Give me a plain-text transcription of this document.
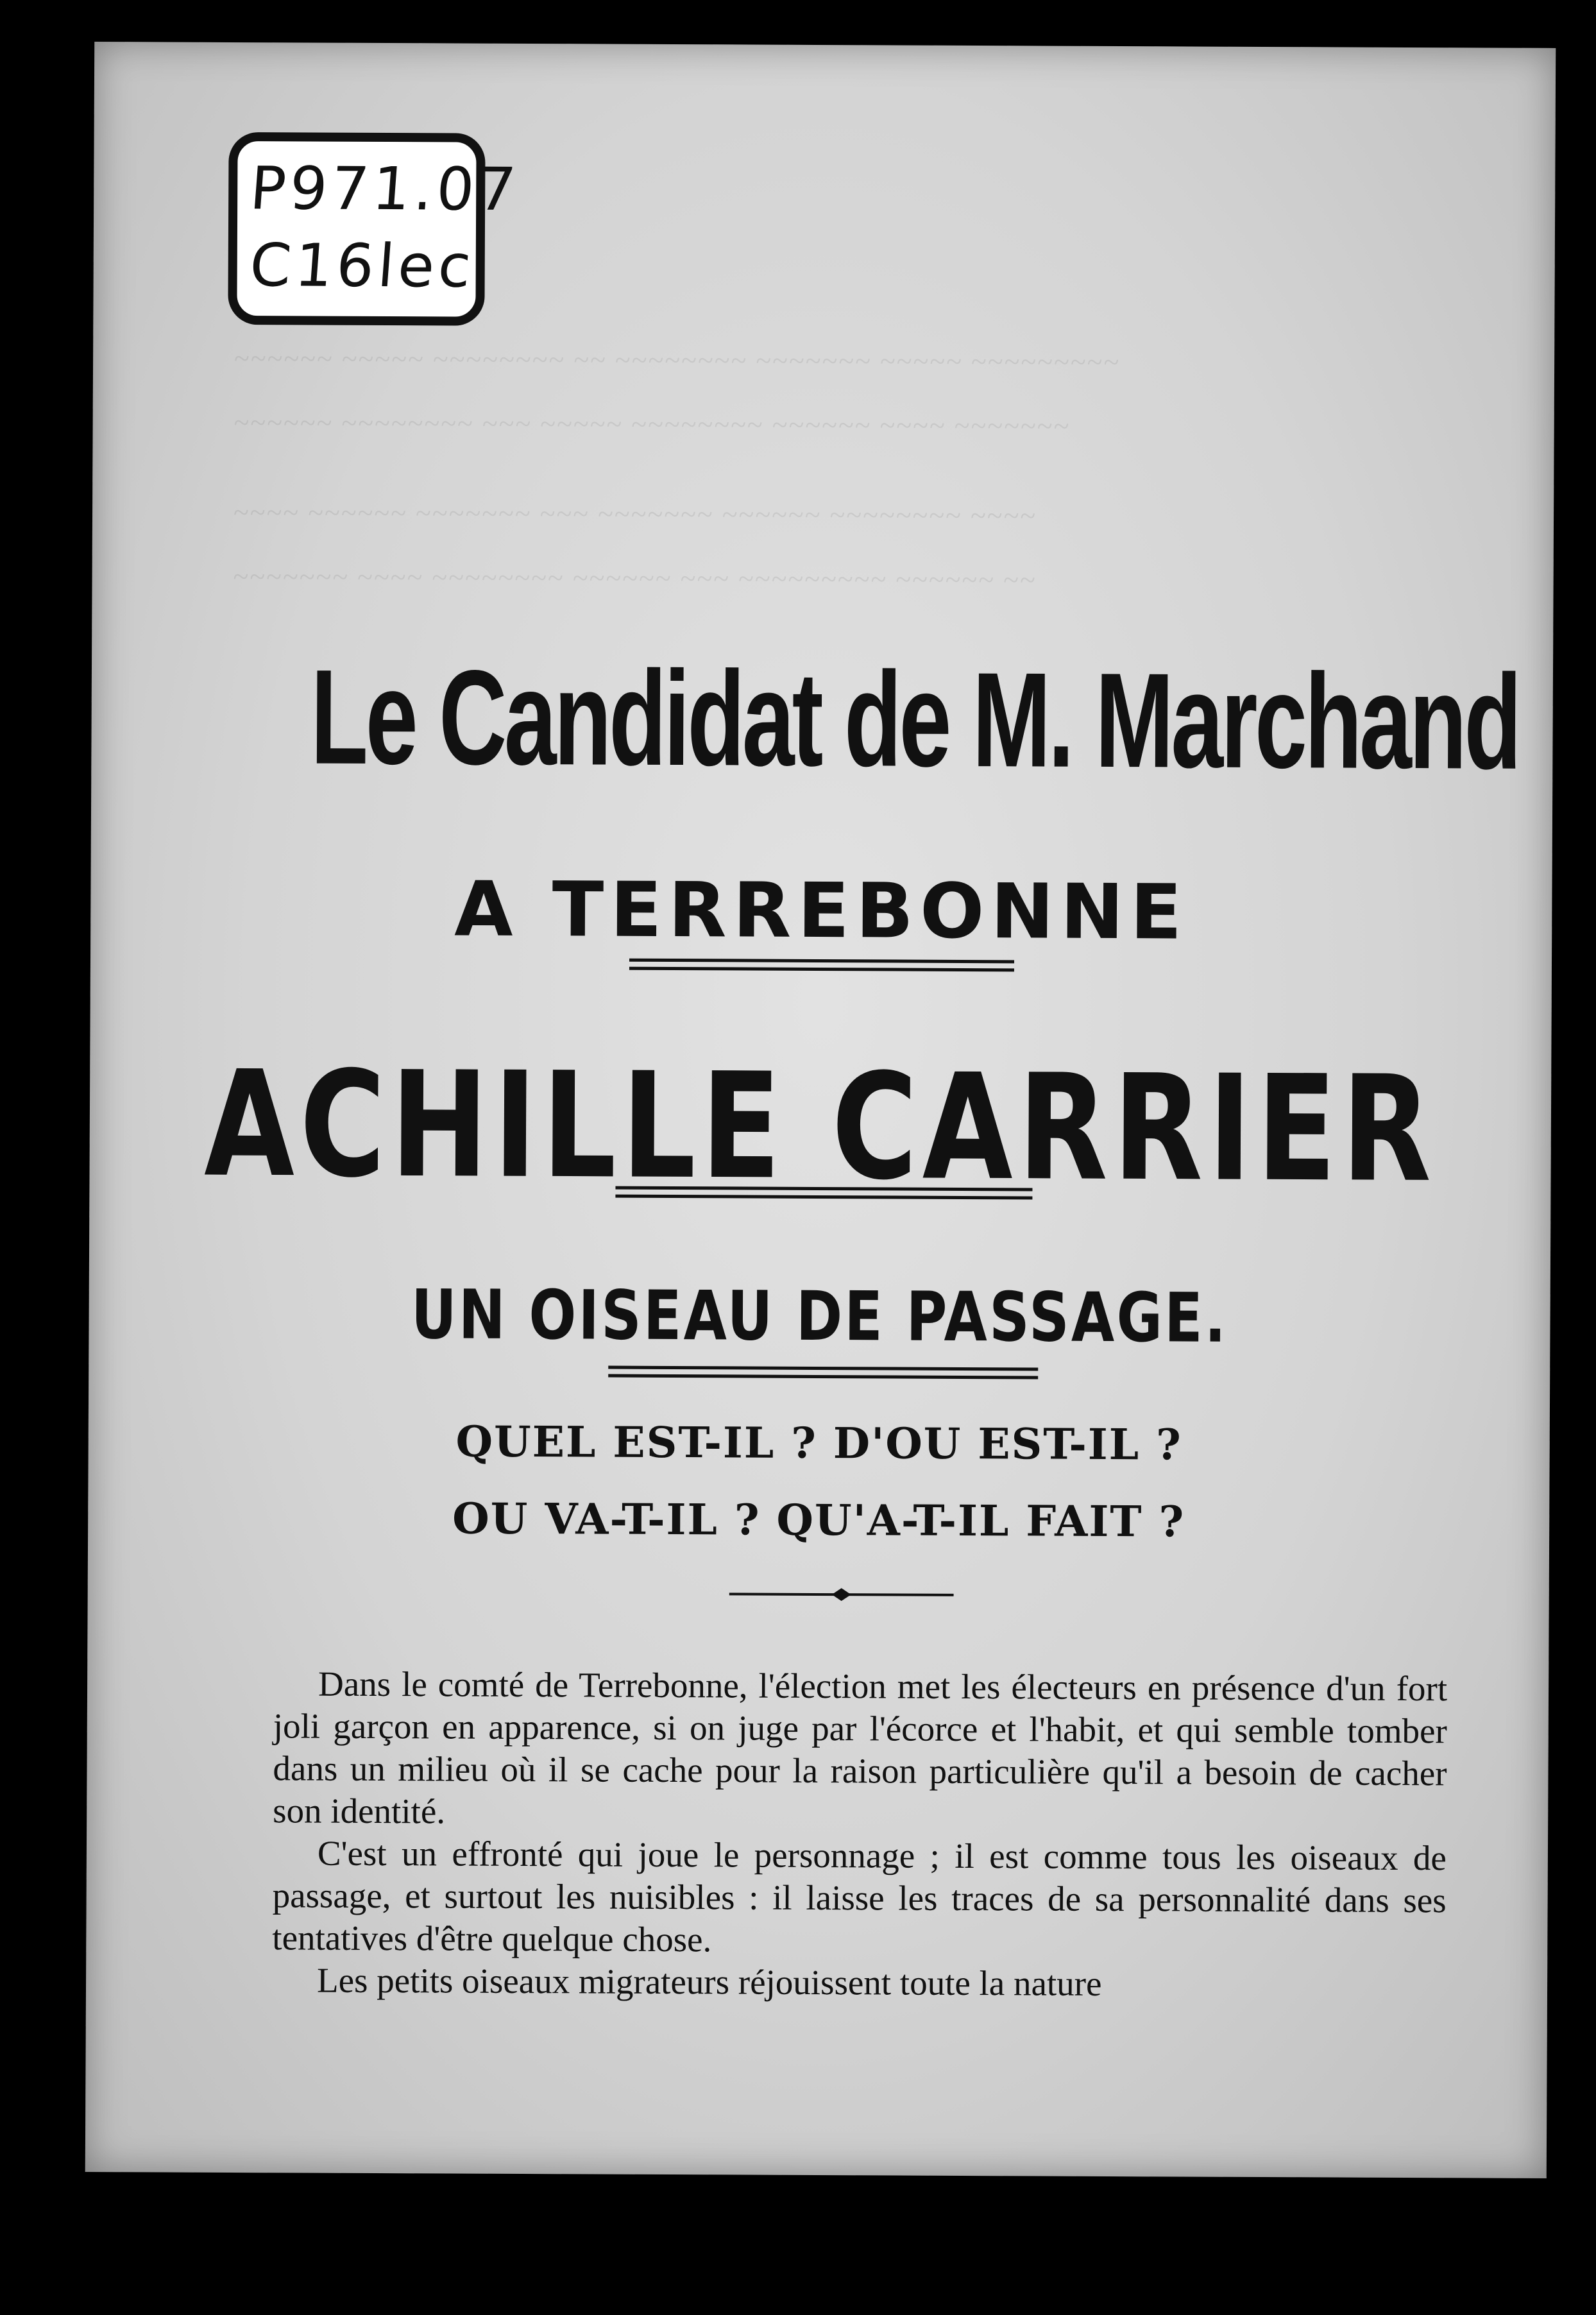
~~~~~~ ~~~~~ ~~~~~~~~ ~~ ~~~~~~~~ ~~~~~~~ ~~~~~ ~~~~~~~~~
~~~~~~ ~~~~~~~~ ~~~ ~~~~~ ~~~~~~~~ ~~~~~~ ~~~~ ~~~~~~~
~~~~ ~~~~~~ ~~~~~~~ ~~~ ~~~~~~~ ~~~~~~ ~~~~~~~~ ~~~~
~~~~~~~ ~~~~ ~~~~~~~~ ~~~~~~ ~~~ ~~~~~~~~~ ~~~~~~ ~~
P971.07
C16lec
Le Candidat de M. Marchand
A TERREBONNE
ACHILLE CARRIER
UN OISEAU DE PASSAGE.
QUEL EST-IL ? D'OU EST-IL ?
OU VA-T-IL ? QU'A-T-IL FAIT ?

Dans le comté de Terrebonne, l'élection met les électeurs en présence d'un fort joli garçon en apparence, si on juge par l'écorce et l'habit, et qui semble tomber dans un milieu où il se cache pour la raison particulière qu'il a besoin de cacher son identité.

C'est un effronté qui joue le personnage ; il est comme tous les oiseaux de passage, et surtout les nuisibles : il laisse les traces de sa personnalité dans ses tentatives d'être quelque chose.

Les petits oiseaux migrateurs réjouissent toute la nature
